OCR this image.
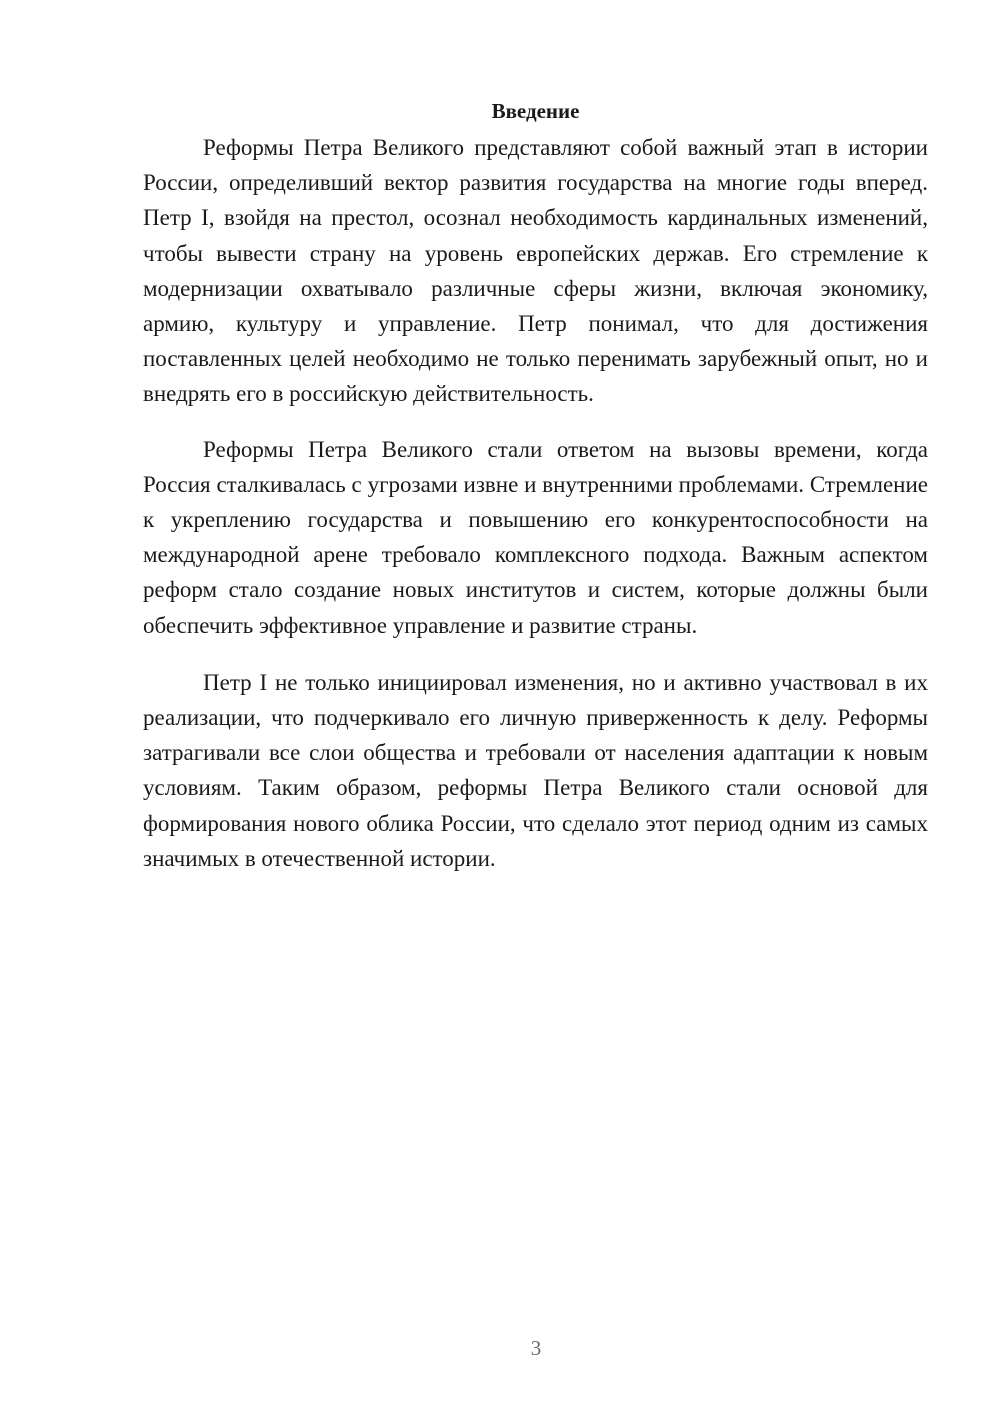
Введение

Реформы Петра Великого представляют собой важный этап в истории России, определивший вектор развития государства на многие годы вперед. Петр I, взойдя на престол, осознал необходимость кардинальных изменений, чтобы вывести страну на уровень европейских держав. Его стремление к модернизации охватывало различные сферы жизни, включая экономику, армию, культуру и управление. Петр понимал, что для достижения поставленных целей необходимо не только перенимать зарубежный опыт, но и внедрять его в российскую действительность.

Реформы Петра Великого стали ответом на вызовы времени, когда Россия сталкивалась с угрозами извне и внутренними проблемами. Стремление к укреплению государства и повышению его конкурентоспособности на международной арене требовало комплексного подхода. Важным аспектом реформ стало создание новых институтов и систем, которые должны были обеспечить эффективное управление и развитие страны.

Петр I не только инициировал изменения, но и активно участвовал в их реализации, что подчеркивало его личную приверженность к делу. Реформы затрагивали все слои общества и требовали от населения адаптации к новым условиям. Таким образом, реформы Петра Великого стали основой для формирования нового облика России, что сделало этот период одним из самых значимых в отечественной истории.

3
